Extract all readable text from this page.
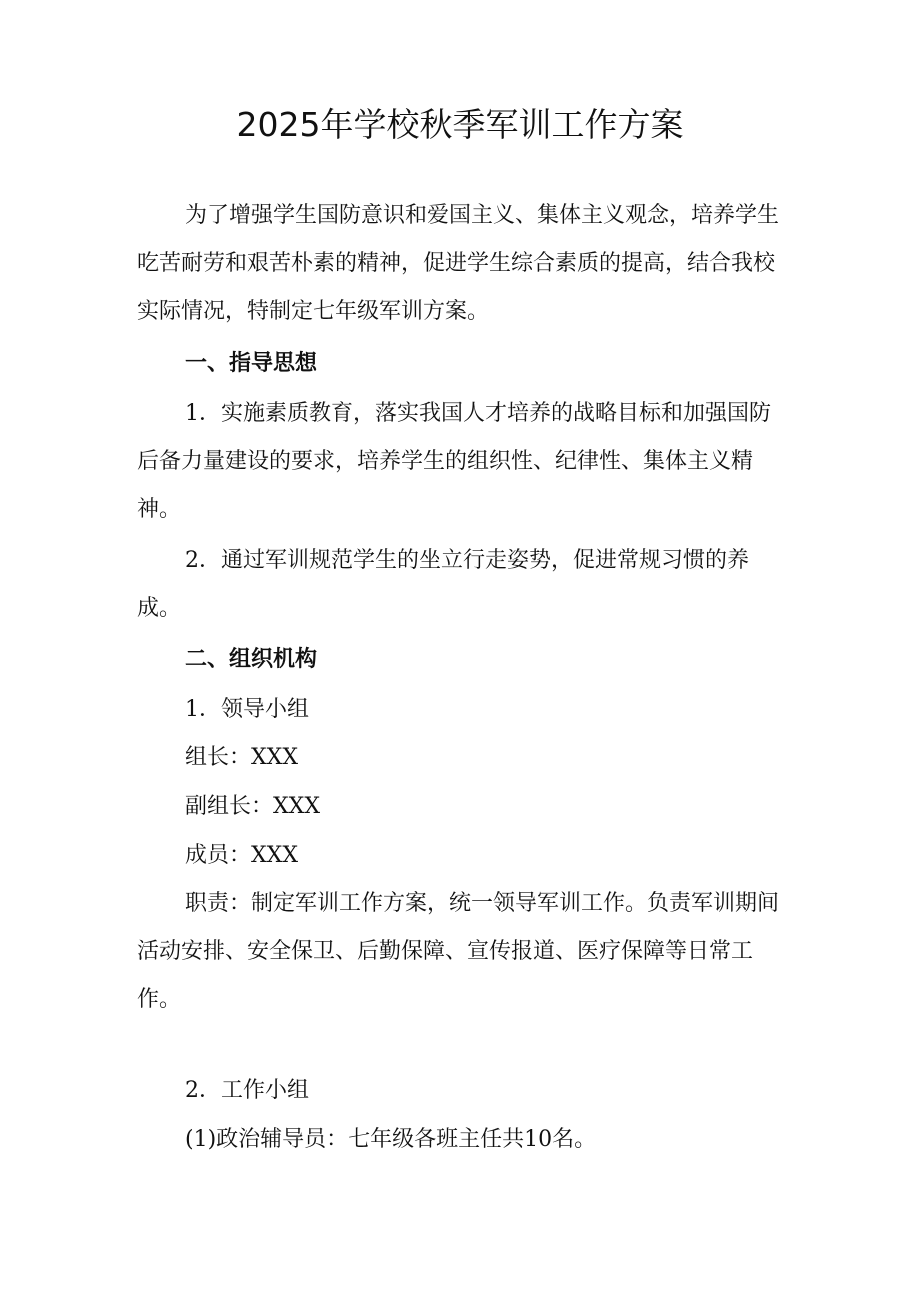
2025年学校秋季军训工作方案

为了增强学生国防意识和爱国主义、集体主义观念，培养学生吃苦耐劳和艰苦朴素的精神，促进学生综合素质的提高，结合我校实际情况，特制定七年级军训方案。

一、指导思想

1．实施素质教育，落实我国人才培养的战略目标和加强国防后备力量建设的要求，培养学生的组织性、纪律性、集体主义精神。

2．通过军训规范学生的坐立行走姿势，促进常规习惯的养成。

二、组织机构
1．领导小组
组长：XXX
副组长：XXX
成员：XXX

职责：制定军训工作方案，统一领导军训工作。负责军训期间活动安排、安全保卫、后勤保障、宣传报道、医疗保障等日常工作。

2．工作小组
(1)政治辅导员：七年级各班主任共10名。
